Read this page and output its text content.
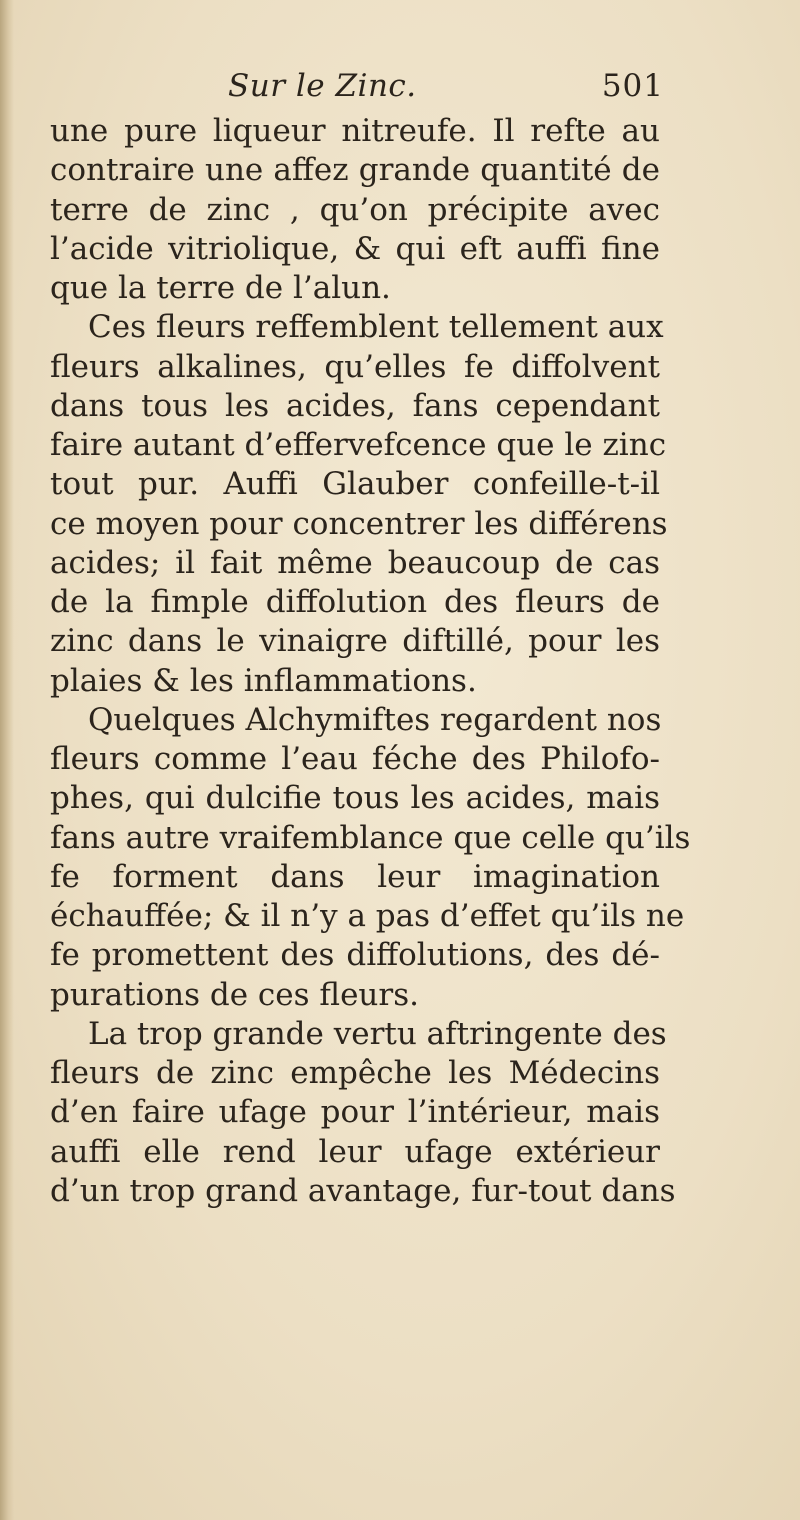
Sur le Zinc.	501
une pure liqueur nitreufe. Il refte au
contraire une affez grande quantité de
terre de zinc , qu’on précipite avec
l’acide vitriolique, & qui eft auffi fine
que la terre de l’alun.
Ces fleurs reffemblent tellement aux
fleurs alkalines, qu’elles fe diffolvent
dans tous les acides, fans cependant
faire autant d’effervefcence que le zinc
tout pur. Auffi Glauber confeille-t-il
ce moyen pour concentrer les différens
acides; il fait même beaucoup de cas
de la fimple diffolution des fleurs de
zinc dans le vinaigre diftillé, pour les
plaies & les inflammations.
Quelques Alchymiftes regardent nos
fleurs comme l’eau féche des Philofo-
phes, qui dulcifie tous les acides, mais
fans autre vraifemblance que celle qu’ils
fe forment dans leur imagination
échauffée; & il n’y a pas d’effet qu’ils ne
fe promettent des diffolutions, des dé-
purations de ces fleurs.
La trop grande vertu aftringente des
fleurs de zinc empêche les Médecins
d’en faire ufage pour l’intérieur, mais
auffi elle rend leur ufage extérieur
d’un trop grand avantage, fur-tout dans
